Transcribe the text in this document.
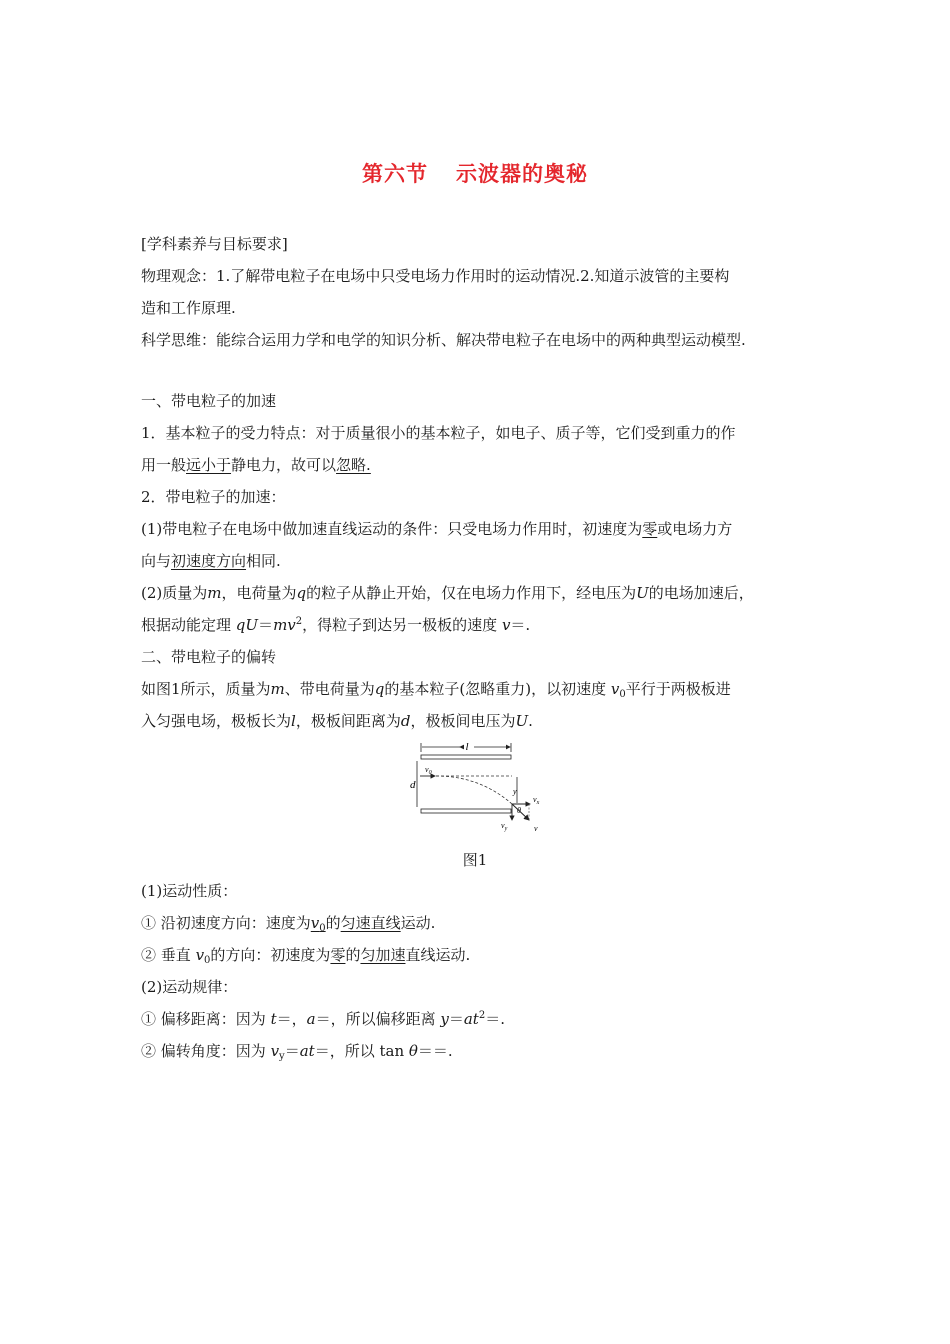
第六节 示波器的奥秘
[学科素养与目标要求]
物理观念：1.了解带电粒子在电场中只受电场力作用时的运动情况.2.知道示波管的主要构
造和工作原理.
科学思维：能综合运用力学和电学的知识分析、解决带电粒子在电场中的两种典型运动模型.
一、带电粒子的加速
1．基本粒子的受力特点：对于质量很小的基本粒子，如电子、质子等，它们受到重力的作
用一般远小于静电力，故可以忽略.
2．带电粒子的加速：
(1)带电粒子在电场中做加速直线运动的条件：只受电场力作用时，初速度为零或电场力方
向与初速度方向相同.
(2)质量为m，电荷量为q的粒子从静止开始，仅在电场力作用下，经电压为U的电场加速后，
根据动能定理 $qU=mv^2$，得粒子到达另一极板的速度 v＝.
二、带电粒子的偏转
如图1所示，质量为m、带电荷量为q的基本粒子(忽略重力)，以初速度 $v_0$平行于两极板进
入匀强电场，极板长为l，极板间距离为d，极板间电压为U.
l
d
$v_0$
y
$v_x$
θ
$v_y$	v
图1
(1)运动性质：
① 沿初速度方向：速度为$v_0$的匀速直线运动.
② 垂直 $v_0$的方向：初速度为零的匀加速直线运动.
(2)运动规律：
① 偏移距离：因为 t＝，a＝，所以偏移距离 $y=at^2=$.
② 偏转角度：因为 $v_y=at=$，所以 tan θ＝＝.
